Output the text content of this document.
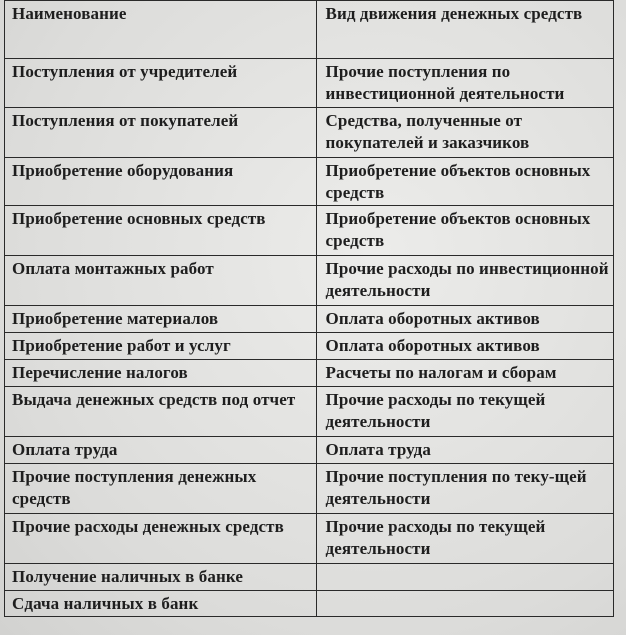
Наименование	Вид движения денежных средств
Поступления от учредителей	Прочие поступления по инвестиционной деятельности
Поступления от покупателей	Средства, полученные от покупателей и заказчиков
Приобретение оборудования	Приобретение объектов основных средств
Приобретение основных средств	Приобретение объектов основных средств
Оплата монтажных работ	Прочие расходы по инвестиционной деятельности
Приобретение материалов	Оплата оборотных активов
Приобретение работ и услуг	Оплата оборотных активов
Перечисление налогов	Расчеты по налогам и сборам
Выдача денежных средств под отчет	Прочие расходы по текущей деятельности
Оплата труда	Оплата труда
Прочие поступления денежных средств	Прочие поступления по теку-щей деятельности
Прочие расходы денежных средств	Прочие расходы по текущей деятельности
Получение наличных в банке	
Сдача наличных в банк	
